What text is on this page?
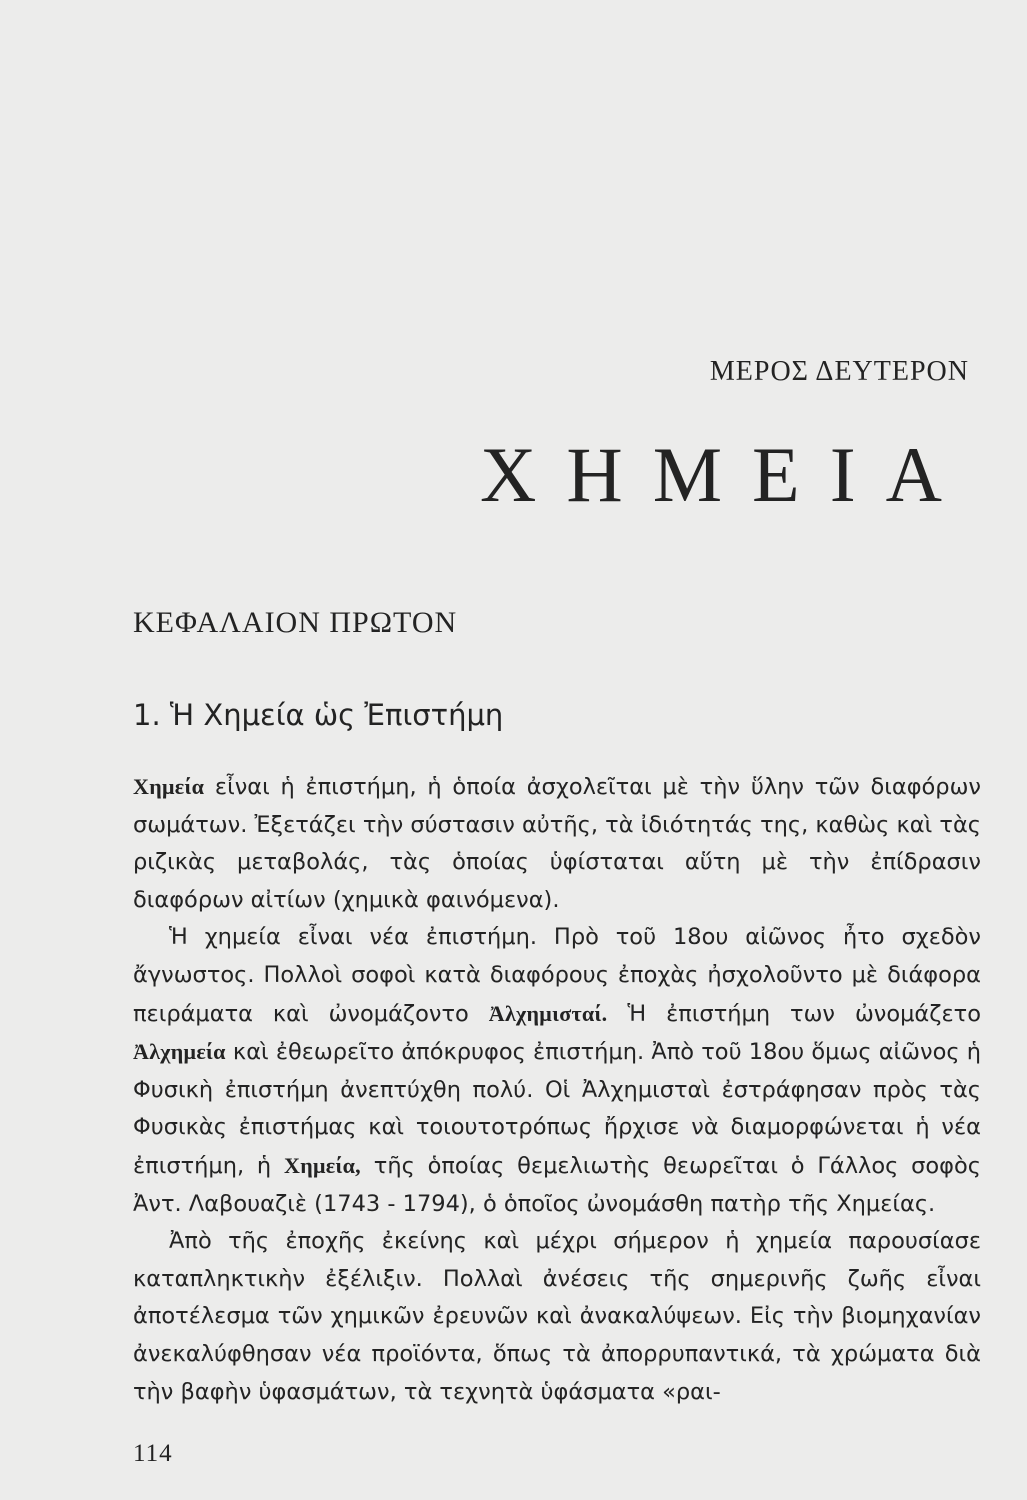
ΜΕΡΟΣ ΔΕΥΤΕΡΟΝ
ΧΗΜΕΙΑ
ΚΕΦΑΛΑΙΟΝ ΠΡΩΤΟΝ
1. Ἡ Χημεία ὡς Ἐπιστήμη

Χημεία εἶναι ἡ ἐπιστήμη, ἡ ὁποία ἀσχολεῖται μὲ τὴν ὕλην τῶν διαφόρων σωμάτων. Ἐξετάζει τὴν σύστασιν αὐτῆς, τὰ ἰδιότητάς της, καθὼς καὶ τὰς ριζικὰς μεταβολάς, τὰς ὁποίας ὑφίσταται αὕτη μὲ τὴν ἐπίδρασιν διαφόρων αἰτίων (χημικὰ φαινόμενα).

Ἡ χημεία εἶναι νέα ἐπιστήμη. Πρὸ τοῦ 18ου αἰῶνος ἦτο σχεδὸν ἄγνωστος. Πολλοὶ σοφοὶ κατὰ διαφόρους ἐποχὰς ἠσχολοῦντο μὲ διάφορα πειράματα καὶ ὠνομάζοντο Ἀλχημισταί. Ἡ ἐπιστήμη των ὠνομάζετο Ἀλχημεία καὶ ἐθεωρεῖτο ἀπόκρυφος ἐπιστήμη. Ἀπὸ τοῦ 18ου ὅμως αἰῶνος ἡ Φυσικὴ ἐπιστήμη ἀνεπτύχθη πολύ. Οἱ Ἀλχημισταὶ ἐστράφησαν πρὸς τὰς Φυσικὰς ἐπιστήμας καὶ τοιουτοτρόπως ἤρχισε νὰ διαμορφώνεται ἡ νέα ἐπιστήμη, ἡ Χημεία, τῆς ὁποίας θεμελιωτὴς θεωρεῖται ὁ Γάλλος σοφὸς Ἀντ. Λαβουαζιὲ (1743 - 1794), ὁ ὁποῖος ὠνομάσθη πατὴρ τῆς Χημείας.

Ἀπὸ τῆς ἐποχῆς ἐκείνης καὶ μέχρι σήμερον ἡ χημεία παρουσίασε καταπληκτικὴν ἐξέλιξιν. Πολλαὶ ἀνέσεις τῆς σημερινῆς ζωῆς εἶναι ἀποτέλεσμα τῶν χημικῶν ἐρευνῶν καὶ ἀνακαλύψεων. Εἰς τὴν βιομηχανίαν ἀνεκαλύφθησαν νέα προϊόντα, ὅπως τὰ ἀπορρυπαντικά, τὰ χρώματα διὰ τὴν βαφὴν ὑφασμάτων, τὰ τεχνητὰ ὑφάσματα «ραι-

114
